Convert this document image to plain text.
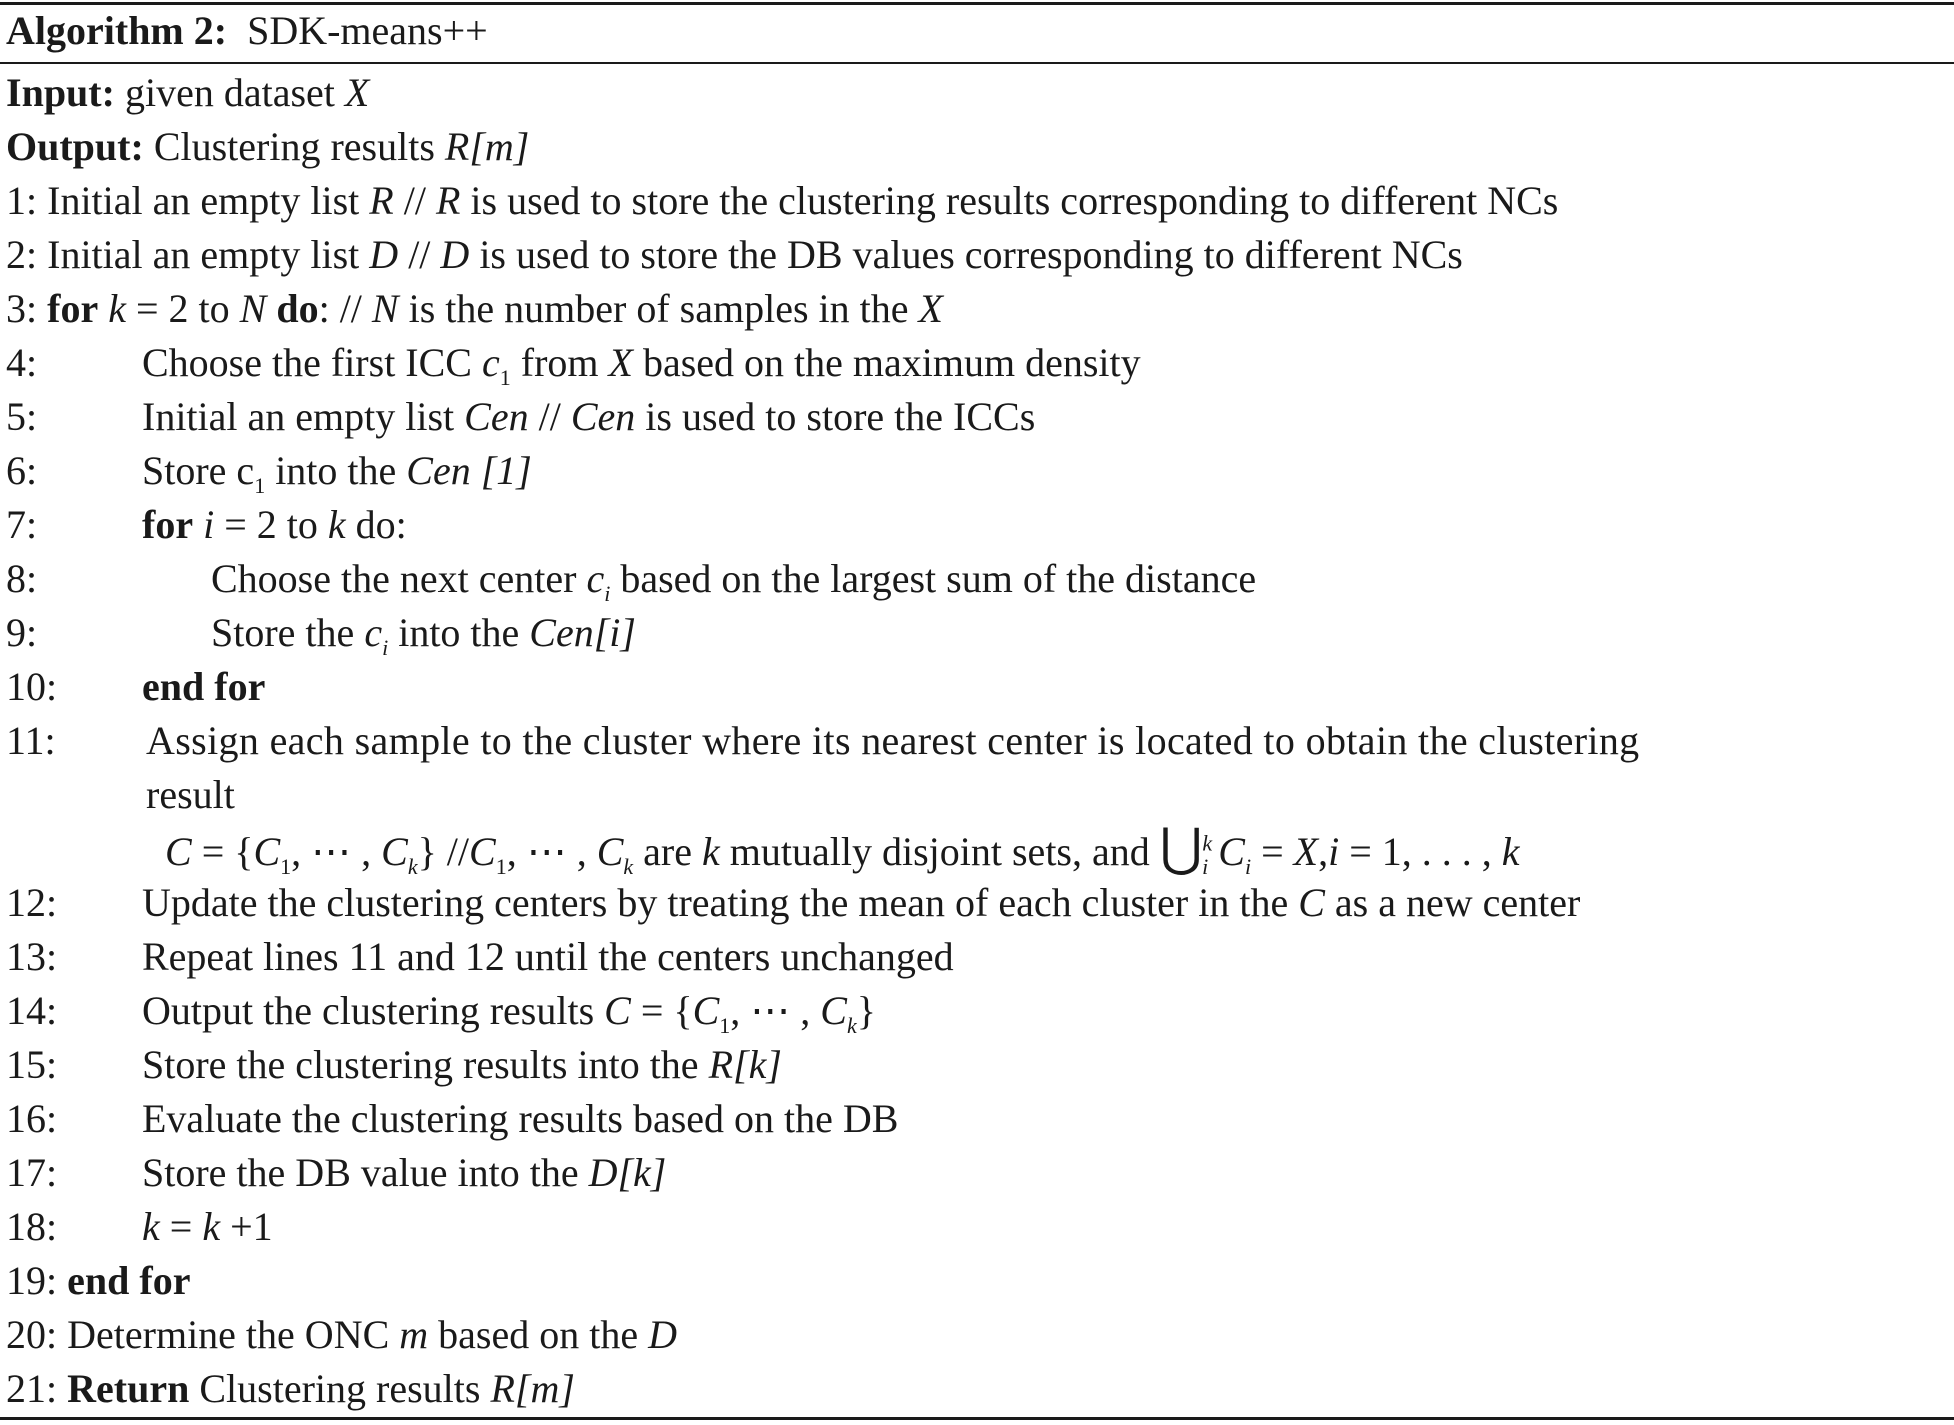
Algorithm 2: SDK-means++
Input: given dataset X
Output: Clustering results R[m]
1: Initial an empty list R // R is used to store the clustering results corresponding to different NCs
2: Initial an empty list D // D is used to store the DB values corresponding to different NCs
3: for k = 2 to N do: // N is the number of samples in the X
4:	Choose the first ICC $c_1$ from X based on the maximum density
5:	Initial an empty list Cen // Cen is used to store the ICCs
6:	Store $c_1$ into the Cen [1]
7:	for i = 2 to k do:
8:	Choose the next center $c_i$ based on the largest sum of the distance
9:	Store the $c_i$ into the Cen[i]
10: end for
11: Assign each sample to the cluster where its nearest center is located to obtain the clustering
result
$C = \{C_1$, ⋯ , $C_k$} $//C_1$, ⋯ , $C_k$ are k mutually disjoint sets, and ⋃$^k_i$ $C_i = X,i = 1$, . . . , k
12: Update the clustering centers by treating the mean of each cluster in the C as a new center
13: Repeat lines 11 and 12 until the centers unchanged
14: Output the clustering results $C = \{C_1$, ⋯ , $C_k$}
15: Store the clustering results into the R[k]
16: Evaluate the clustering results based on the DB
17: Store the DB value into the D[k]
18: k = k +1
19: end for
20: Determine the ONC m based on the D
21: Return Clustering results R[m]
